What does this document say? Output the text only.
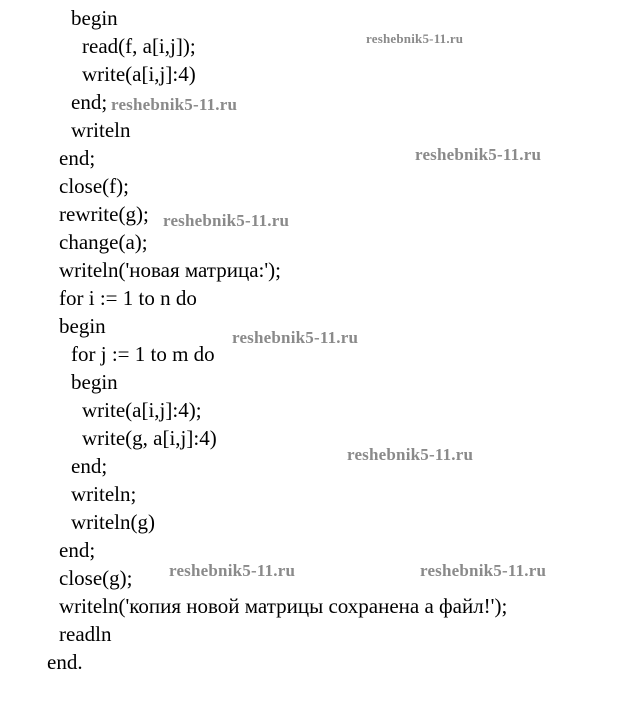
begin
read(f, a[i,j]);
write(a[i,j]:4)
end;
writeln
end;
close(f);
rewrite(g);
change(a);
writeln('новая матрица:');
for i := 1 to n do
begin
for j := 1 to m do
begin
write(a[i,j]:4);
write(g, a[i,j]:4)
end;
writeln;
writeln(g)
end;
close(g);
writeln('копия новой матрицы сохранена а файл!');
readln
end.
reshebnik5-11.ru
reshebnik5-11.ru
reshebnik5-11.ru
reshebnik5-11.ru
reshebnik5-11.ru
reshebnik5-11.ru
reshebnik5-11.ru	reshebnik5-11.ru
